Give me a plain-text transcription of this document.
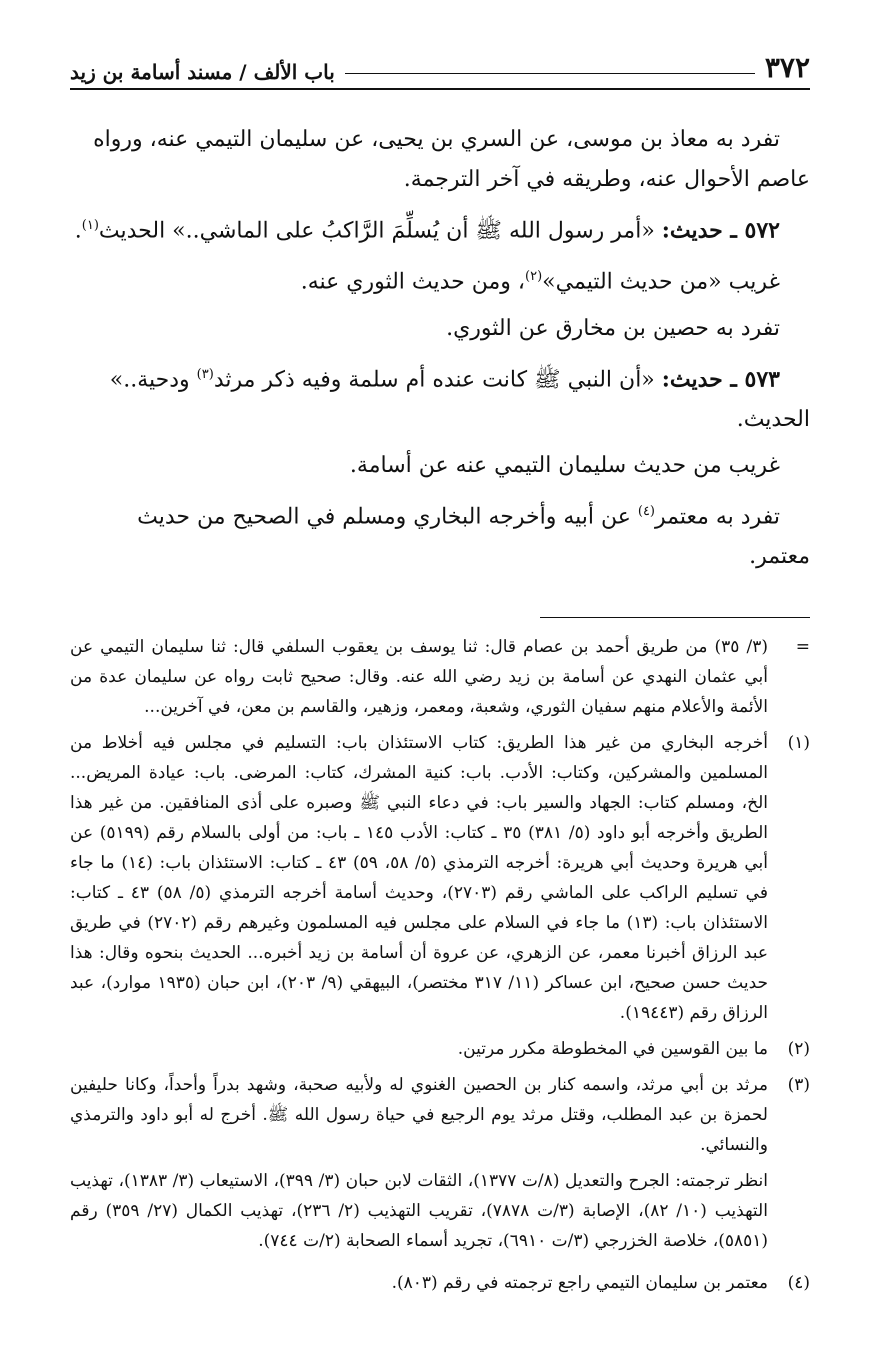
٣٧٢
باب الألف / مسند أسامة بن زيد

تفرد به معاذ بن موسى، عن السري بن يحيى، عن سليمان التيمي عنه، ورواه عاصم الأحوال عنه، وطريقه في آخر الترجمة.

٥٧٢ ـ حديث: «أمر رسول الله ﷺ أن يُسلِّمَ الرَّاكبُ على الماشي..» الحديث$^{(١)}$.

غريب «من حديث التيمي»$^{(٢)}$، ومن حديث الثوري عنه.

تفرد به حصين بن مخارق عن الثوري.

٥٧٣ ـ حديث: «أن النبي ﷺ كانت عنده أم سلمة وفيه ذكر مرثد$^{(٣)}$ ودحية..» الحديث.

غريب من حديث سليمان التيمي عنه عن أسامة.

تفرد به معتمر$^{(٤)}$ عن أبيه وأخرجه البخاري ومسلم في الصحيح من حديث معتمر.

=
(٣/ ٣٥) من طريق أحمد بن عصام قال: ثنا يوسف بن يعقوب السلفي قال: ثنا سليمان التيمي عن أبي عثمان النهدي عن أسامة بن زيد رضي الله عنه. وقال: صحيح ثابت رواه عن سليمان عدة من الأئمة والأعلام منهم سفيان الثوري، وشعبة، ومعمر، وزهير، والقاسم بن معن، في آخرين...
(١)
أخرجه البخاري من غير هذا الطريق: كتاب الاستئذان باب: التسليم في مجلس فيه أخلاط من المسلمين والمشركين، وكتاب: الأدب. باب: كنية المشرك، كتاب: المرضى. باب: عيادة المريض... الخ، ومسلم كتاب: الجهاد والسير باب: في دعاء النبي ﷺ وصبره على أذى المنافقين. من غير هذا الطريق وأخرجه أبو داود (٥/ ٣٨١) ٣٥ ـ كتاب: الأدب ١٤٥ ـ باب: من أولى بالسلام رقم (٥١٩٩) عن أبي هريرة وحديث أبي هريرة: أخرجه الترمذي (٥/ ٥٨، ٥٩) ٤٣ ـ كتاب: الاستئذان باب: (١٤) ما جاء في تسليم الراكب على الماشي رقم (٢٧٠٣)، وحديث أسامة أخرجه الترمذي (٥/ ٥٨) ٤٣ ـ كتاب: الاستئذان باب: (١٣) ما جاء في السلام على مجلس فيه المسلمون وغيرهم رقم (٢٧٠٢) في طريق عبد الرزاق أخبرنا معمر، عن الزهري، عن عروة أن أسامة بن زيد أخبره... الحديث بنحوه وقال: هذا حديث حسن صحيح، ابن عساكر (١١/ ٣١٧ مختصر)، البيهقي (٩/ ٢٠٣)، ابن حبان (١٩٣٥ موارد)، عبد الرزاق رقم (١٩٤٤٣).
(٢)
ما بين القوسين في المخطوطة مكرر مرتين.
(٣)

مرثد بن أبي مرثد، واسمه كنار بن الحصين الغنوي له ولأبيه صحبة، وشهد بدراً وأحداً، وكانا حليفين لحمزة بن عبد المطلب، وقتل مرثد يوم الرجيع في حياة رسول الله ﷺ. أخرج له أبو داود والترمذي والنسائي.

انظر ترجمته: الجرح والتعديل (٨/ت ١٣٧٧)، الثقات لابن حبان (٣/ ٣٩٩)، الاستيعاب (٣/ ١٣٨٣)، تهذيب التهذيب (١٠/ ٨٢)، الإصابة (٣/ت ٧٨٧٨)، تقريب التهذيب (٢/ ٢٣٦)، تهذيب الكمال (٢٧/ ٣٥٩) رقم (٥٨٥١)، خلاصة الخزرجي (٣/ت ٦٩١٠)، تجريد أسماء الصحابة (٢/ت ٧٤٤).

(٤)
معتمر بن سليمان التيمي راجع ترجمته في رقم (٨٠٣).
